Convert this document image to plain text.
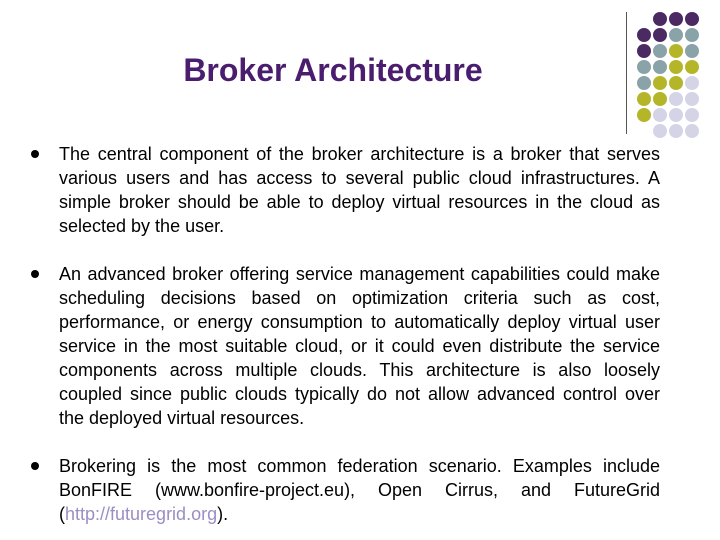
Broker Architecture
The central component of the broker architecture is a broker that serves various users and has access to several public cloud infrastructures. A simple broker should be able to deploy virtual resources in the cloud as selected by the user.
An advanced broker offering service management capabilities could make scheduling decisions based on optimization criteria such as cost, performance, or energy consumption to automatically deploy virtual user service in the most suitable cloud, or it could even distribute the service components across multiple clouds. This architecture is also loosely coupled since public clouds typically do not allow advanced control over the deployed virtual resources.
Brokering is the most common federation scenario. Examples include BonFIRE (www.bonfire-project.eu), Open Cirrus, and FutureGrid (http://futuregrid.org).
